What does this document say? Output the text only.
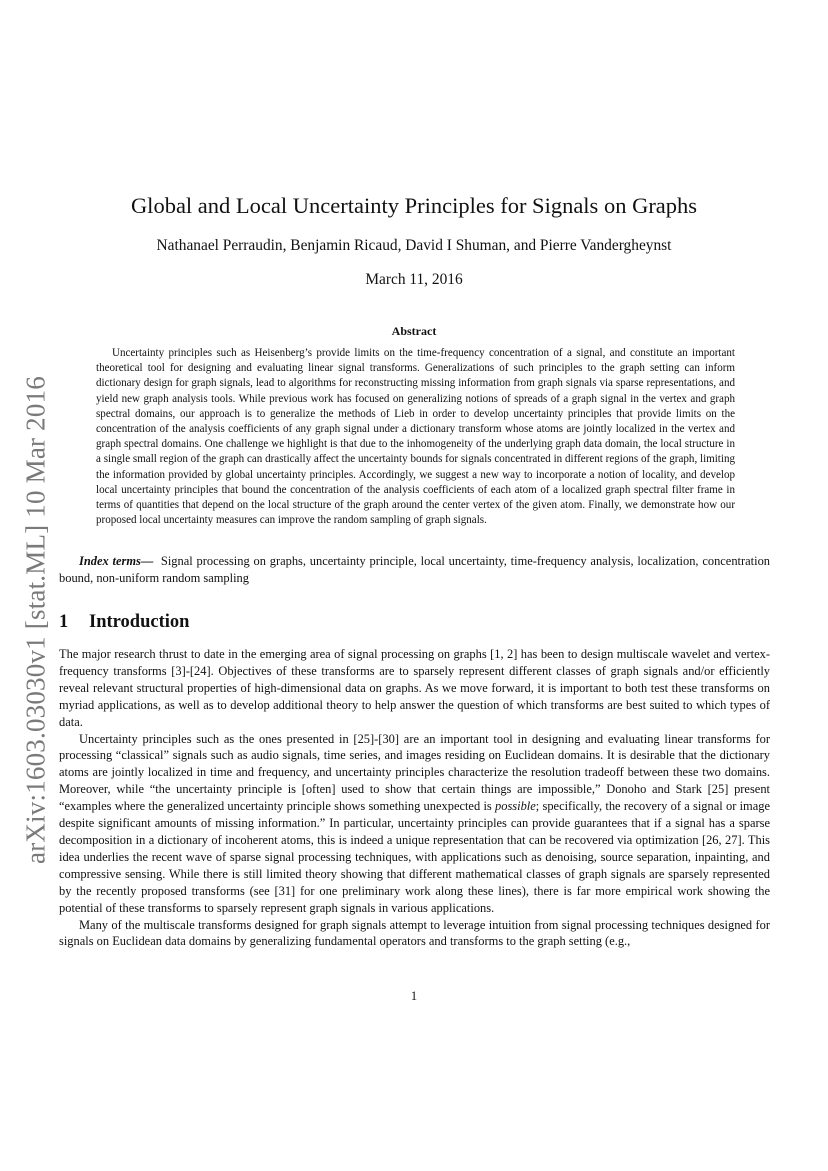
arXiv:1603.03030v1 [stat.ML] 10 Mar 2016
Global and Local Uncertainty Principles for Signals on Graphs
Nathanael Perraudin, Benjamin Ricaud, David I Shuman, and Pierre Vandergheynst
March 11, 2016
Abstract

Uncertainty principles such as Heisenberg’s provide limits on the time-frequency concentration of a signal, and constitute an important theoretical tool for designing and evaluating linear signal transforms. Generalizations of such principles to the graph setting can inform dictionary design for graph signals, lead to algorithms for reconstructing missing information from graph signals via sparse representations, and yield new graph analysis tools. While previous work has focused on generalizing notions of spreads of a graph signal in the vertex and graph spectral domains, our approach is to generalize the methods of Lieb in order to develop uncertainty principles that provide limits on the concentration of the analysis coefficients of any graph signal under a dictionary transform whose atoms are jointly localized in the vertex and graph spectral domains. One challenge we highlight is that due to the inhomogeneity of the underlying graph data domain, the local structure in a single small region of the graph can drastically affect the uncertainty bounds for signals concentrated in different regions of the graph, limiting the information provided by global uncertainty principles. Accordingly, we suggest a new way to incorporate a notion of locality, and develop local uncertainty principles that bound the concentration of the analysis coefficients of each atom of a localized graph spectral filter frame in terms of quantities that depend on the local structure of the graph around the center vertex of the given atom. Finally, we demonstrate how our proposed local uncertainty measures can improve the random sampling of graph signals.

Index terms— Signal processing on graphs, uncertainty principle, local uncertainty, time-frequency analysis, localization, concentration bound, non-uniform random sampling

1 Introduction

The major research thrust to date in the emerging area of signal processing on graphs [1, 2] has been to design multiscale wavelet and vertex-frequency transforms [3]-[24]. Objectives of these transforms are to sparsely represent different classes of graph signals and/or efficiently reveal relevant structural properties of high-dimensional data on graphs. As we move forward, it is important to both test these transforms on myriad applications, as well as to develop additional theory to help answer the question of which transforms are best suited to which types of data.

Uncertainty principles such as the ones presented in [25]-[30] are an important tool in designing and evaluating linear transforms for processing “classical” signals such as audio signals, time series, and images residing on Euclidean domains. It is desirable that the dictionary atoms are jointly localized in time and frequency, and uncertainty principles characterize the resolution tradeoff between these two domains. Moreover, while “the uncertainty principle is [often] used to show that certain things are impossible,” Donoho and Stark [25] present “examples where the generalized uncertainty principle shows something unexpected is possible; specifically, the recovery of a signal or image despite significant amounts of missing information.” In particular, uncertainty principles can provide guarantees that if a signal has a sparse decomposition in a dictionary of incoherent atoms, this is indeed a unique representation that can be recovered via optimization [26, 27]. This idea underlies the recent wave of sparse signal processing techniques, with applications such as denoising, source separation, inpainting, and compressive sensing. While there is still limited theory showing that different mathematical classes of graph signals are sparsely represented by the recently proposed transforms (see [31] for one preliminary work along these lines), there is far more empirical work showing the potential of these transforms to sparsely represent graph signals in various applications.

Many of the multiscale transforms designed for graph signals attempt to leverage intuition from signal processing techniques designed for signals on Euclidean data domains by generalizing fundamental operators and transforms to the graph setting (e.g.,

1
